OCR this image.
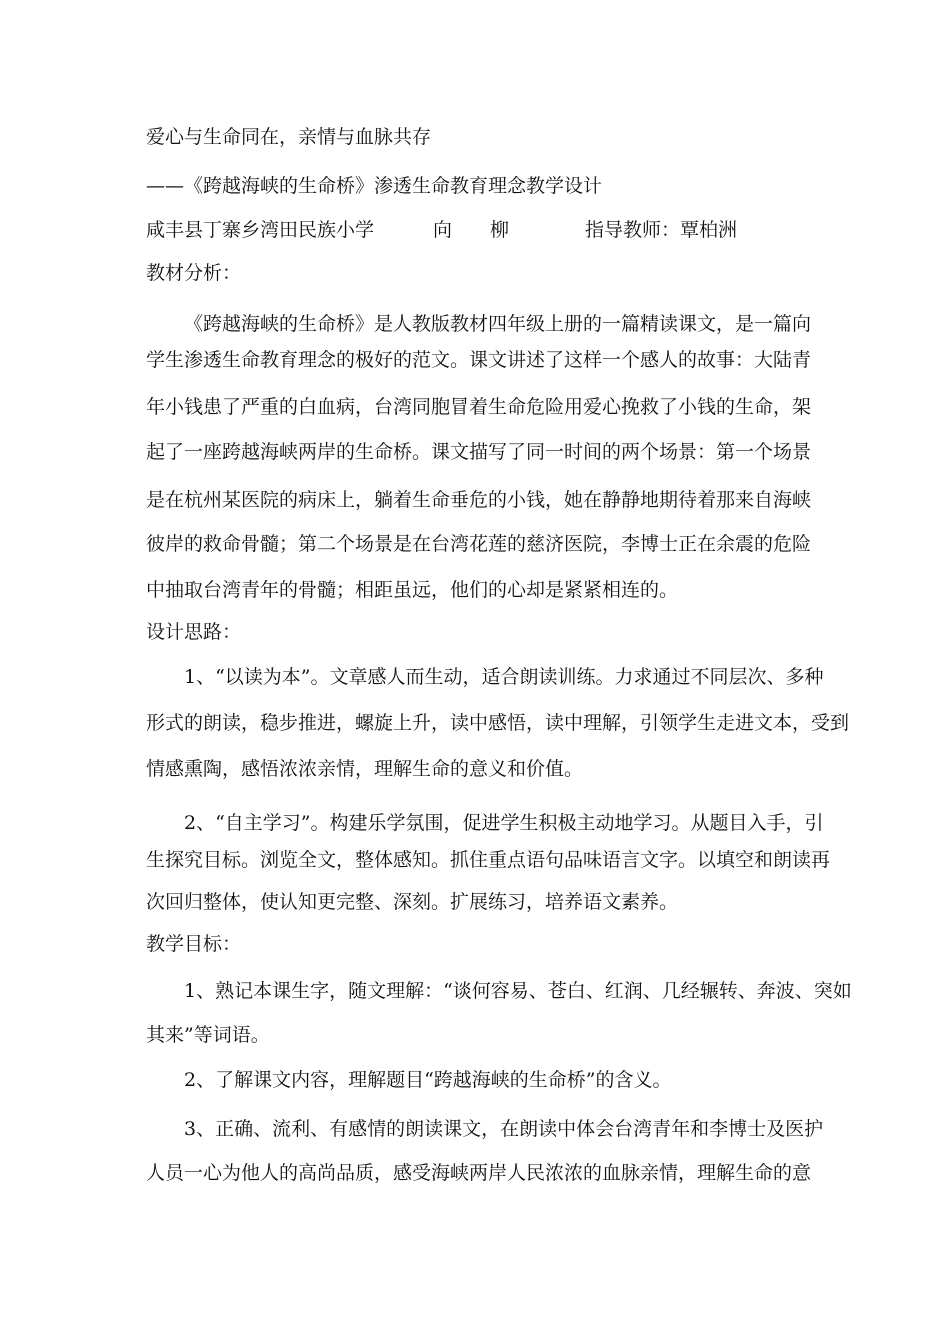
爱心与生命同在，亲情与血脉共存
——《跨越海峡的生命桥》渗透生命教育理念教学设计
咸丰县丁寨乡湾田民族小学	向 柳	指导教师：覃柏洲
教材分析：
《跨越海峡的生命桥》是人教版教材四年级上册的一篇精读课文，是一篇向
学生渗透生命教育理念的极好的范文。课文讲述了这样一个感人的故事：大陆青
年小钱患了严重的白血病，台湾同胞冒着生命危险用爱心挽救了小钱的生命，架
起了一座跨越海峡两岸的生命桥。课文描写了同一时间的两个场景：第一个场景
是在杭州某医院的病床上，躺着生命垂危的小钱，她在静静地期待着那来自海峡
彼岸的救命骨髓；第二个场景是在台湾花莲的慈济医院，李博士正在余震的危险
中抽取台湾青年的骨髓；相距虽远，他们的心却是紧紧相连的。
设计思路：
1、“以读为本”。文章感人而生动，适合朗读训练。力求通过不同层次、多种
形式的朗读，稳步推进，螺旋上升，读中感悟，读中理解，引领学生走进文本，受到
情感熏陶，感悟浓浓亲情，理解生命的意义和价值。
2、“自主学习”。构建乐学氛围，促进学生积极主动地学习。从题目入手，引
生探究目标。浏览全文，整体感知。抓住重点语句品味语言文字。以填空和朗读再
次回归整体，使认知更完整、深刻。扩展练习，培养语文素养。
教学目标：
1、熟记本课生字，随文理解：“谈何容易、苍白、红润、几经辗转、奔波、突如
其来”等词语。
2、了解课文内容，理解题目“跨越海峡的生命桥”的含义。
3、正确、流利、有感情的朗读课文，在朗读中体会台湾青年和李博士及医护
人员一心为他人的高尚品质，感受海峡两岸人民浓浓的血脉亲情，理解生命的意
